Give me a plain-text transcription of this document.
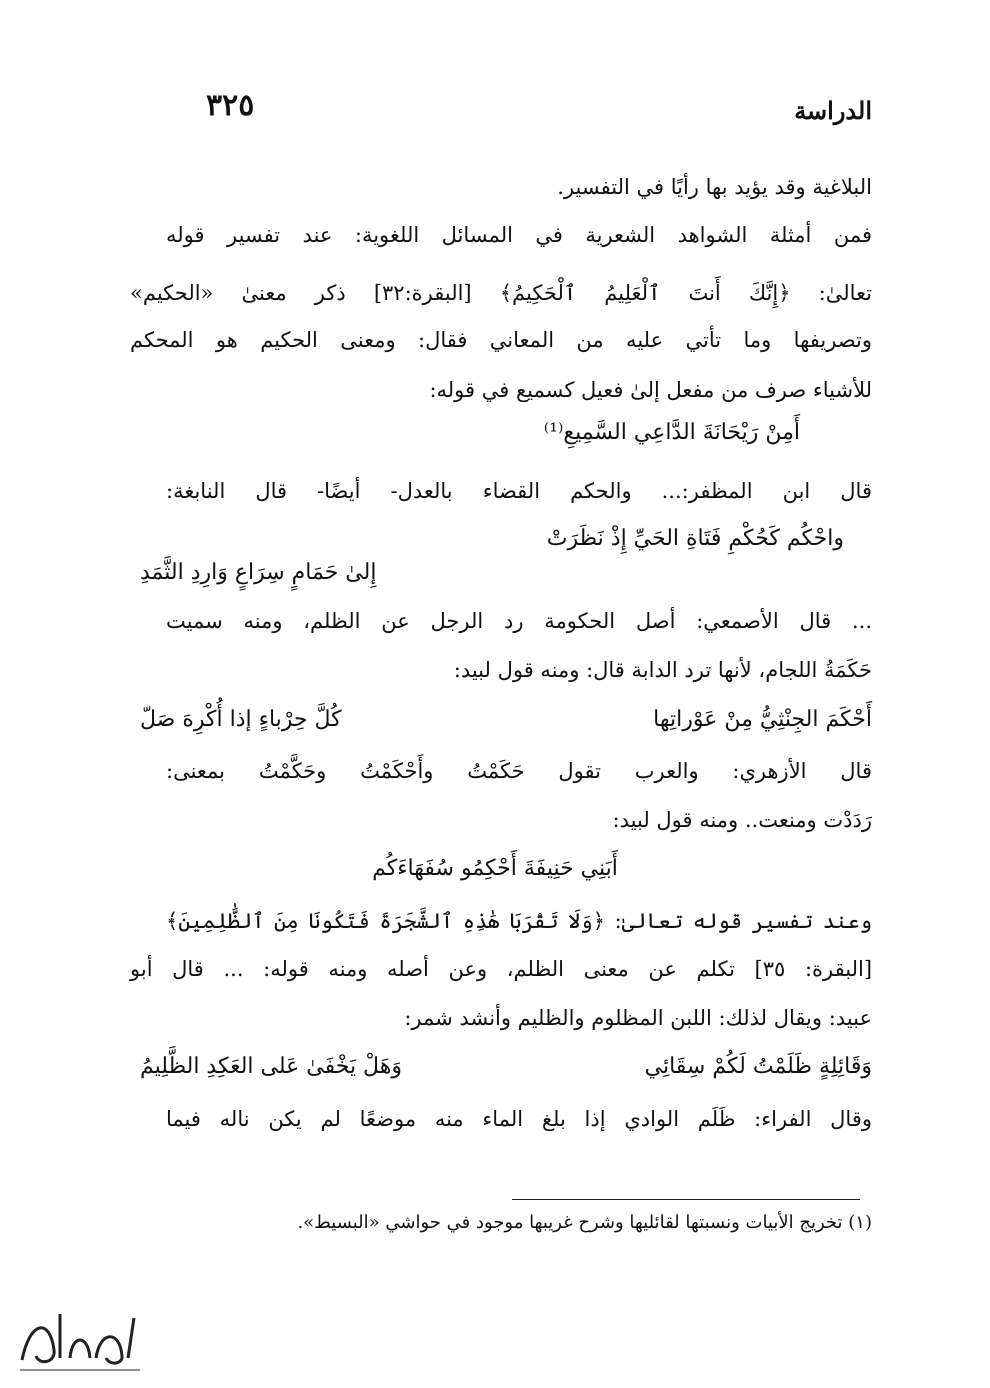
الدراسة
٣٢٥
البلاغية وقد يؤيد بها رأيًا في التفسير.
فمن أمثلة الشواهد الشعرية في المسائل اللغوية: عند تفسير قوله
تعالىٰ: ﴿إِنَّكَ أَنتَ ٱلْعَلِيمُ ٱلْحَكِيمُ﴾ [البقرة:٣٢] ذكر معنىٰ «الحكيم»
وتصريفها وما تأتي عليه من المعاني فقال: ومعنى الحكيم هو المحكم
للأشياء صرف من مفعل إلىٰ فعيل كسميع في قوله:
أَمِنْ رَيْحَانَةَ الدَّاعِي السَّمِيعِ⁽¹⁾
قال ابن المظفر:... والحكم القضاء بالعدل- أيضًا- قال النابغة:
واحْكُم كَحُكْمِ فَتَاةِ الحَيِّ إِذْ نَظَرَتْ
إِلىٰ حَمَامٍ سِرَاعٍ وَارِدِ الثَّمَدِ
... قال الأصمعي: أصل الحكومة رد الرجل عن الظلم، ومنه سميت
حَكَمَةُ اللجام، لأنها ترد الدابة قال: ومنه قول لبيد:
أَحْكَمَ الجِنْثِيُّ مِنْ عَوْراتِها
كُلَّ حِرْباءٍ إذا أُكْرِهَ صَلّ
قال الأزهري: والعرب تقول حَكَمْتُ وأَحْكَمْتُ وحَكَّمْتُ بمعنى:
رَدَدْت ومنعت.. ومنه قول لبيد:
أَبَنِي حَنِيفَةَ أَحْكِمُو سُفَهَاءَكُم
وعند تفسير قوله تعالىٰ: ﴿وَلَا تَقْرَبَا هَٰذِهِ ٱلشَّجَرَةَ فَتَكُونَا مِنَ ٱلظَّٰلِمِينَ﴾
[البقرة: ٣٥] تكلم عن معنى الظلم، وعن أصله ومنه قوله: ... قال أبو
عبيد: ويقال لذلك: اللبن المظلوم والظليم وأنشد شمر:
وَقَائِلِةٍ ظَلَمْتُ لَكُمْ سِقَائِي
وَهَلْ يَخْفَىٰ عَلى العَكِدِ الظَّلِيمُ
وقال الفراء: ظَلَم الوادي إذا بلغ الماء منه موضعًا لم يكن ناله فيما
(١) تخريج الأبيات ونسبتها لقائليها وشرح غريبها موجود في حواشي «البسيط».
